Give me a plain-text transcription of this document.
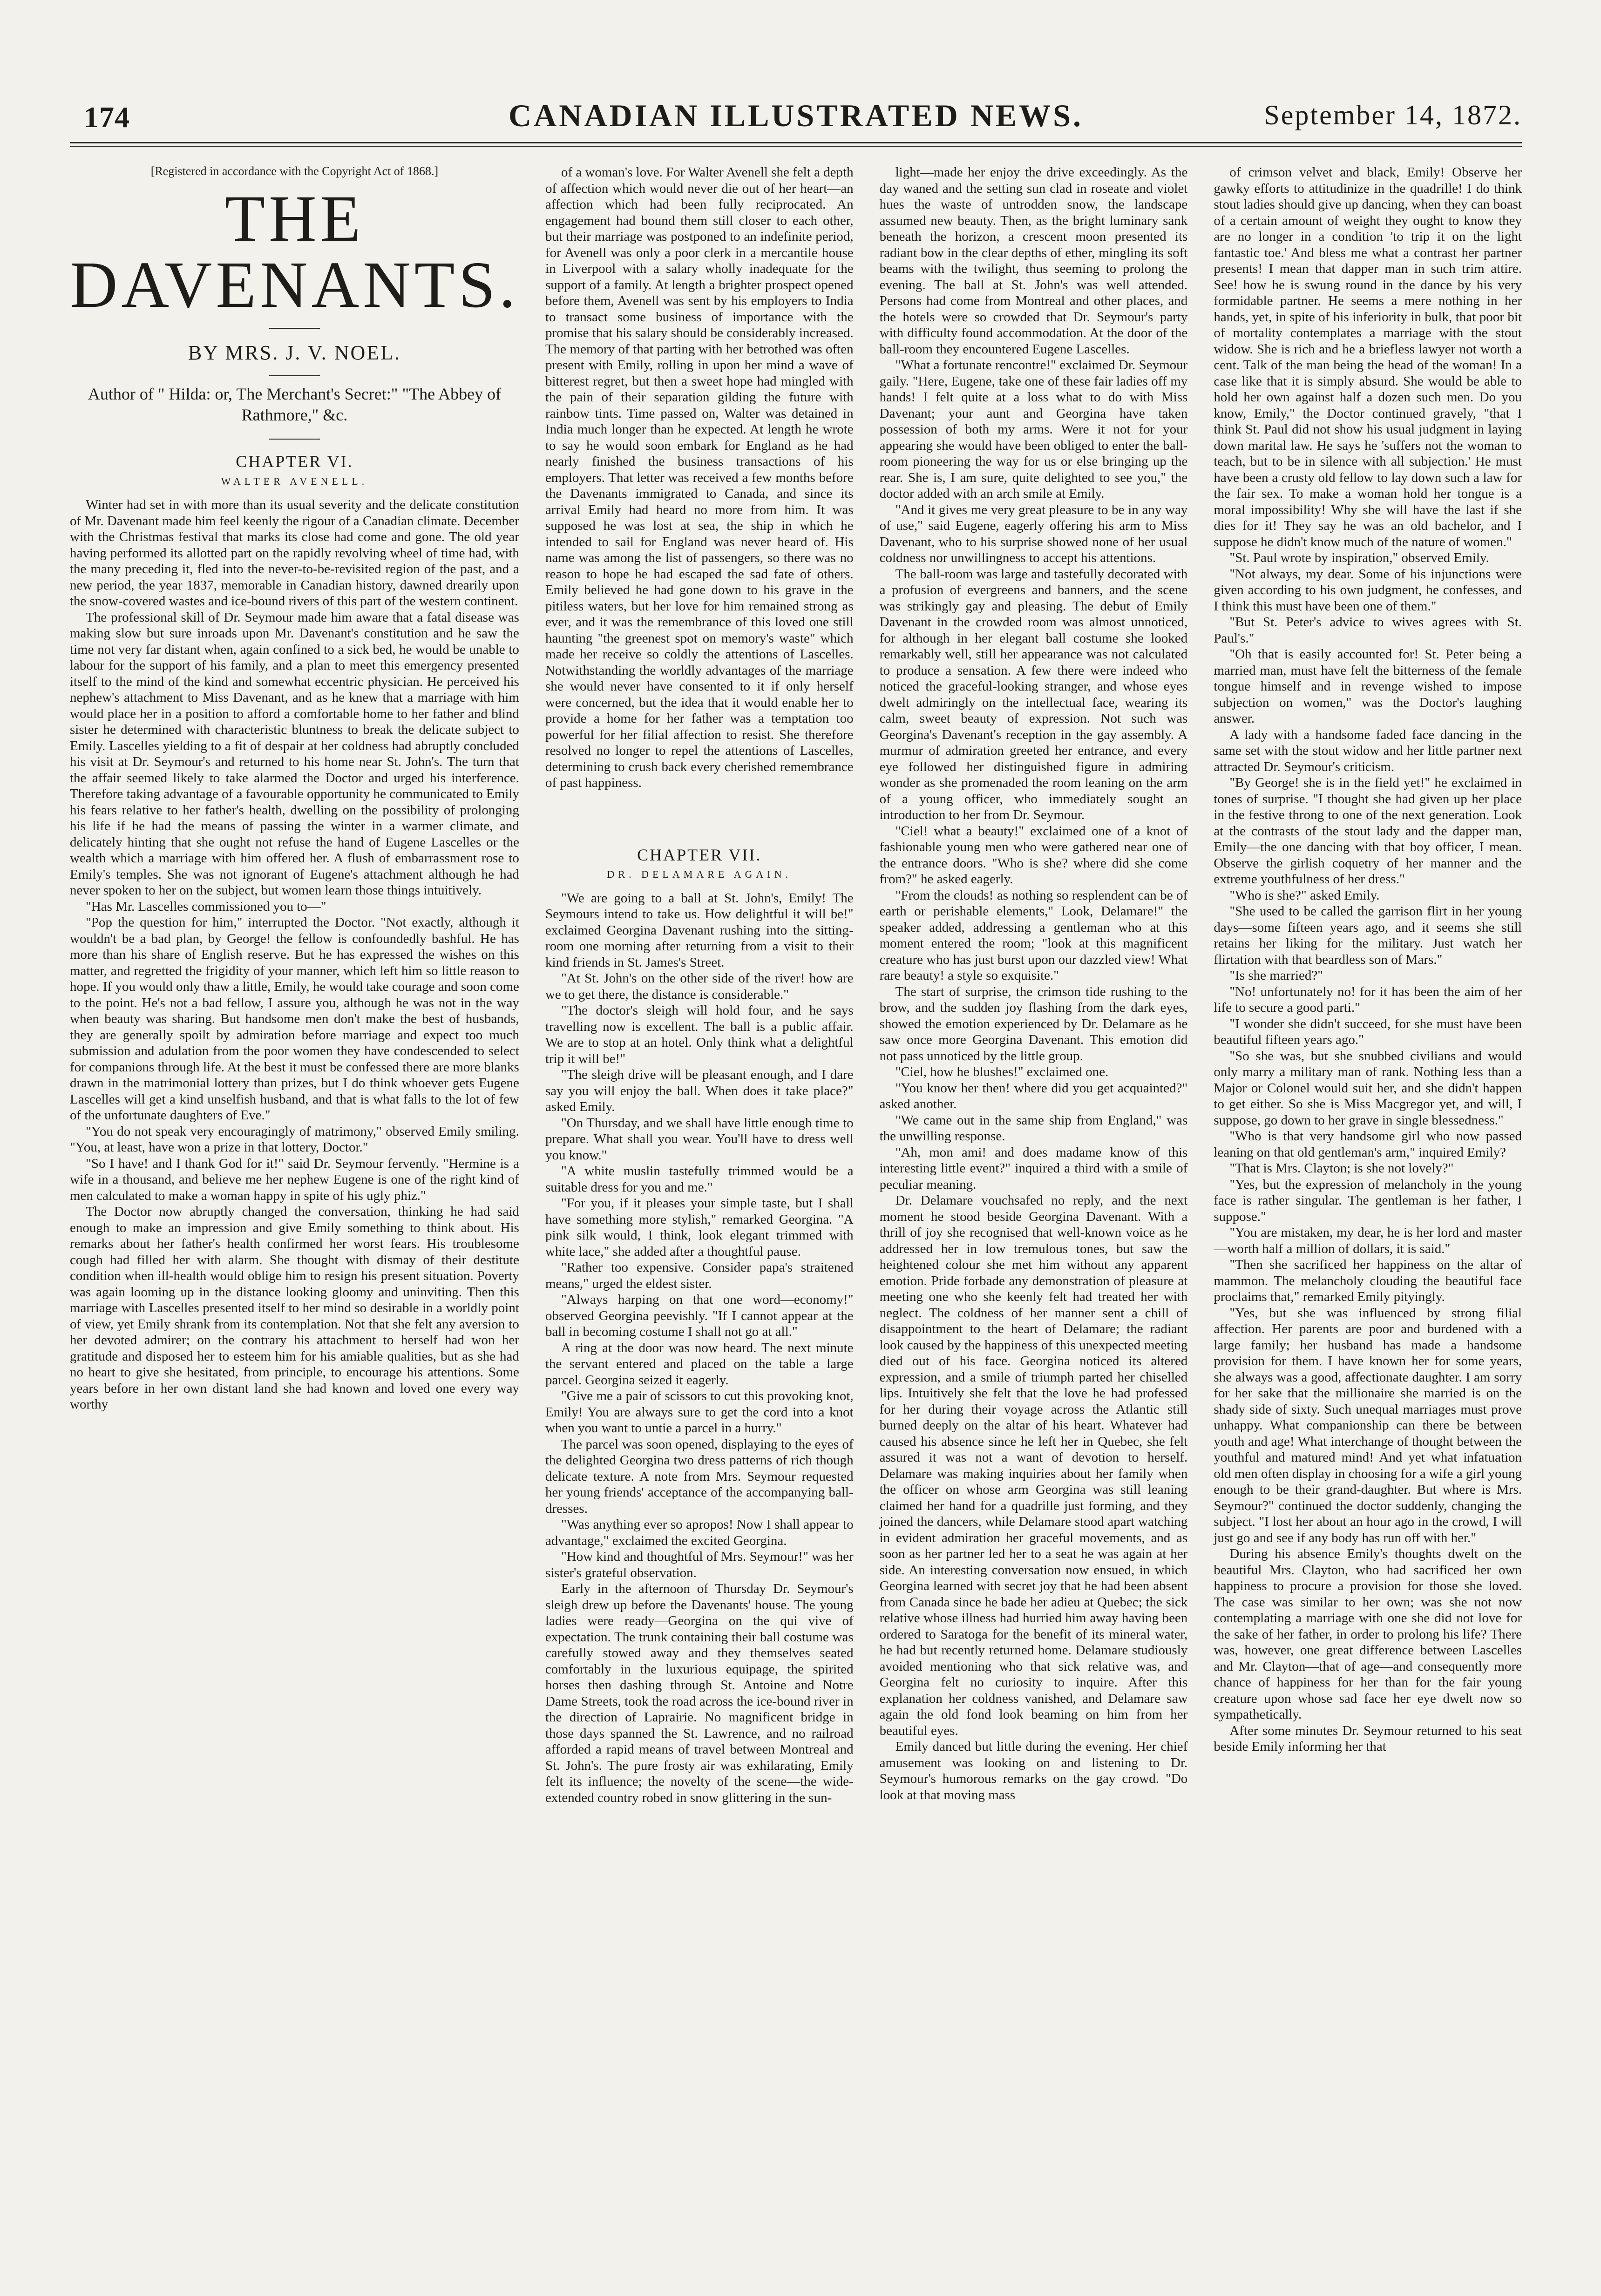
174	CANADIAN ILLUSTRATED NEWS.	September 14, 1872.

[Registered in accordance with the Copyright Act of 1868.]

THE DAVENANTS.
BY MRS. J. V. NOEL.
Author of " Hilda: or, The Merchant's Secret:" "The Abbey of Rathmore," &c.
CHAPTER VI.
WALTER AVENELL.

Winter had set in with more than its usual severity and the delicate constitution of Mr. Davenant made him feel keenly the rigour of a Canadian climate. December with the Christmas festival that marks its close had come and gone. The old year having performed its allotted part on the rapidly revolving wheel of time had, with the many preceding it, fled into the never-to-be-revisited region of the past, and a new period, the year 1837, memorable in Canadian history, dawned drearily upon the snow-covered wastes and ice-bound rivers of this part of the western continent.

The professional skill of Dr. Seymour made him aware that a fatal disease was making slow but sure inroads upon Mr. Davenant's constitution and he saw the time not very far distant when, again confined to a sick bed, he would be unable to labour for the support of his family, and a plan to meet this emergency presented itself to the mind of the kind and somewhat eccentric physician. He perceived his nephew's attachment to Miss Davenant, and as he knew that a marriage with him would place her in a position to afford a comfortable home to her father and blind sister he determined with characteristic bluntness to break the delicate subject to Emily. Lascelles yielding to a fit of despair at her coldness had abruptly concluded his visit at Dr. Seymour's and returned to his home near St. John's. The turn that the affair seemed likely to take alarmed the Doctor and urged his interference. Therefore taking advantage of a favourable opportunity he communicated to Emily his fears relative to her father's health, dwelling on the possibility of prolonging his life if he had the means of passing the winter in a warmer climate, and delicately hinting that she ought not refuse the hand of Eugene Lascelles or the wealth which a marriage with him offered her. A flush of embarrassment rose to Emily's temples. She was not ignorant of Eugene's attachment although he had never spoken to her on the subject, but women learn those things intuitively.

"Has Mr. Lascelles commissioned you to—"

"Pop the question for him," interrupted the Doctor. "Not exactly, although it wouldn't be a bad plan, by George! the fellow is confoundedly bashful. He has more than his share of English reserve. But he has expressed the wishes on this matter, and regretted the frigidity of your manner, which left him so little reason to hope. If you would only thaw a little, Emily, he would take courage and soon come to the point. He's not a bad fellow, I assure you, although he was not in the way when beauty was sharing. But handsome men don't make the best of husbands, they are generally spoilt by admiration before marriage and expect too much submission and adulation from the poor women they have condescended to select for companions through life. At the best it must be confessed there are more blanks drawn in the matrimonial lottery than prizes, but I do think whoever gets Eugene Lascelles will get a kind unselfish husband, and that is what falls to the lot of few of the unfortunate daughters of Eve."

"You do not speak very encouragingly of matrimony," observed Emily smiling. "You, at least, have won a prize in that lottery, Doctor."

"So I have! and I thank God for it!" said Dr. Seymour fervently. "Hermine is a wife in a thousand, and believe me her nephew Eugene is one of the right kind of men calculated to make a woman happy in spite of his ugly phiz."

The Doctor now abruptly changed the conversation, thinking he had said enough to make an impression and give Emily something to think about. His remarks about her father's health confirmed her worst fears. His troublesome cough had filled her with alarm. She thought with dismay of their destitute condition when ill-health would oblige him to resign his present situation. Poverty was again looming up in the distance looking gloomy and uninviting. Then this marriage with Lascelles presented itself to her mind so desirable in a worldly point of view, yet Emily shrank from its contemplation. Not that she felt any aversion to her devoted admirer; on the contrary his attachment to herself had won her gratitude and disposed her to esteem him for his amiable qualities, but as she had no heart to give she hesitated, from principle, to encourage his attentions. Some years before in her own distant land she had known and loved one every way worthy

of a woman's love. For Walter Avenell she felt a depth of affection which would never die out of her heart—an affection which had been fully reciprocated. An engagement had bound them still closer to each other, but their marriage was postponed to an indefinite period, for Avenell was only a poor clerk in a mercantile house in Liverpool with a salary wholly inadequate for the support of a family. At length a brighter prospect opened before them, Avenell was sent by his employers to India to transact some business of importance with the promise that his salary should be considerably increased. The memory of that parting with her betrothed was often present with Emily, rolling in upon her mind a wave of bitterest regret, but then a sweet hope had mingled with the pain of their separation gilding the future with rainbow tints. Time passed on, Walter was detained in India much longer than he expected. At length he wrote to say he would soon embark for England as he had nearly finished the business transactions of his employers. That letter was received a few months before the Davenants immigrated to Canada, and since its arrival Emily had heard no more from him. It was supposed he was lost at sea, the ship in which he intended to sail for England was never heard of. His name was among the list of passengers, so there was no reason to hope he had escaped the sad fate of others. Emily believed he had gone down to his grave in the pitiless waters, but her love for him remained strong as ever, and it was the remembrance of this loved one still haunting "the greenest spot on memory's waste" which made her receive so coldly the attentions of Lascelles. Notwithstanding the worldly advantages of the marriage she would never have consented to it if only herself were concerned, but the idea that it would enable her to provide a home for her father was a temptation too powerful for her filial affection to resist. She therefore resolved no longer to repel the attentions of Lascelles, determining to crush back every cherished remembrance of past happiness.

CHAPTER VII.
DR. DELAMARE AGAIN.

"We are going to a ball at St. John's, Emily! The Seymours intend to take us. How delightful it will be!" exclaimed Georgina Davenant rushing into the sitting-room one morning after returning from a visit to their kind friends in St. James's Street.

"At St. John's on the other side of the river! how are we to get there, the distance is considerable."

"The doctor's sleigh will hold four, and he says travelling now is excellent. The ball is a public affair. We are to stop at an hotel. Only think what a delightful trip it will be!"

"The sleigh drive will be pleasant enough, and I dare say you will enjoy the ball. When does it take place?" asked Emily.

"On Thursday, and we shall have little enough time to prepare. What shall you wear. You'll have to dress well you know."

"A white muslin tastefully trimmed would be a suitable dress for you and me."

"For you, if it pleases your simple taste, but I shall have something more stylish," remarked Georgina. "A pink silk would, I think, look elegant trimmed with white lace," she added after a thoughtful pause.

"Rather too expensive. Consider papa's straitened means," urged the eldest sister.

"Always harping on that one word—economy!" observed Georgina peevishly. "If I cannot appear at the ball in becoming costume I shall not go at all."

A ring at the door was now heard. The next minute the servant entered and placed on the table a large parcel. Georgina seized it eagerly.

"Give me a pair of scissors to cut this provoking knot, Emily! You are always sure to get the cord into a knot when you want to untie a parcel in a hurry."

The parcel was soon opened, displaying to the eyes of the delighted Georgina two dress patterns of rich though delicate texture. A note from Mrs. Seymour requested her young friends' acceptance of the accompanying ball-dresses.

"Was anything ever so apropos! Now I shall appear to advantage," exclaimed the excited Georgina.

"How kind and thoughtful of Mrs. Seymour!" was her sister's grateful observation.

Early in the afternoon of Thursday Dr. Seymour's sleigh drew up before the Davenants' house. The young ladies were ready—Georgina on the qui vive of expectation. The trunk containing their ball costume was carefully stowed away and they themselves seated comfortably in the luxurious equipage, the spirited horses then dashing through St. Antoine and Notre Dame Streets, took the road across the ice-bound river in the direction of Laprairie. No magnificent bridge in those days spanned the St. Lawrence, and no railroad afforded a rapid means of travel between Montreal and St. John's. The pure frosty air was exhilarating, Emily felt its influence; the novelty of the scene—the wide-extended country robed in snow glittering in the sun-

light—made her enjoy the drive exceedingly. As the day waned and the setting sun clad in roseate and violet hues the waste of untrodden snow, the landscape assumed new beauty. Then, as the bright luminary sank beneath the horizon, a crescent moon presented its radiant bow in the clear depths of ether, mingling its soft beams with the twilight, thus seeming to prolong the evening. The ball at St. John's was well attended. Persons had come from Montreal and other places, and the hotels were so crowded that Dr. Seymour's party with difficulty found accommodation. At the door of the ball-room they encountered Eugene Lascelles.

"What a fortunate rencontre!" exclaimed Dr. Seymour gaily. "Here, Eugene, take one of these fair ladies off my hands! I felt quite at a loss what to do with Miss Davenant; your aunt and Georgina have taken possession of both my arms. Were it not for your appearing she would have been obliged to enter the ball-room pioneering the way for us or else bringing up the rear. She is, I am sure, quite delighted to see you," the doctor added with an arch smile at Emily.

"And it gives me very great pleasure to be in any way of use," said Eugene, eagerly offering his arm to Miss Davenant, who to his surprise showed none of her usual coldness nor unwillingness to accept his attentions.

The ball-room was large and tastefully decorated with a profusion of evergreens and banners, and the scene was strikingly gay and pleasing. The debut of Emily Davenant in the crowded room was almost unnoticed, for although in her elegant ball costume she looked remarkably well, still her appearance was not calculated to produce a sensation. A few there were indeed who noticed the graceful-looking stranger, and whose eyes dwelt admiringly on the intellectual face, wearing its calm, sweet beauty of expression. Not such was Georgina's Davenant's reception in the gay assembly. A murmur of admiration greeted her entrance, and every eye followed her distinguished figure in admiring wonder as she promenaded the room leaning on the arm of a young officer, who immediately sought an introduction to her from Dr. Seymour.

"Ciel! what a beauty!" exclaimed one of a knot of fashionable young men who were gathered near one of the entrance doors. "Who is she? where did she come from?" he asked eagerly.

"From the clouds! as nothing so resplendent can be of earth or perishable elements," Look, Delamare!" the speaker added, addressing a gentleman who at this moment entered the room; "look at this magnificent creature who has just burst upon our dazzled view! What rare beauty! a style so exquisite."

The start of surprise, the crimson tide rushing to the brow, and the sudden joy flashing from the dark eyes, showed the emotion experienced by Dr. Delamare as he saw once more Georgina Davenant. This emotion did not pass unnoticed by the little group.

"Ciel, how he blushes!" exclaimed one.

"You know her then! where did you get acquainted?" asked another.

"We came out in the same ship from England," was the unwilling response.

"Ah, mon ami! and does madame know of this interesting little event?" inquired a third with a smile of peculiar meaning.

Dr. Delamare vouchsafed no reply, and the next moment he stood beside Georgina Davenant. With a thrill of joy she recognised that well-known voice as he addressed her in low tremulous tones, but saw the heightened colour she met him without any apparent emotion. Pride forbade any demonstration of pleasure at meeting one who she keenly felt had treated her with neglect. The coldness of her manner sent a chill of disappointment to the heart of Delamare; the radiant look caused by the happiness of this unexpected meeting died out of his face. Georgina noticed its altered expression, and a smile of triumph parted her chiselled lips. Intuitively she felt that the love he had professed for her during their voyage across the Atlantic still burned deeply on the altar of his heart. Whatever had caused his absence since he left her in Quebec, she felt assured it was not a want of devotion to herself. Delamare was making inquiries about her family when the officer on whose arm Georgina was still leaning claimed her hand for a quadrille just forming, and they joined the dancers, while Delamare stood apart watching in evident admiration her graceful movements, and as soon as her partner led her to a seat he was again at her side. An interesting conversation now ensued, in which Georgina learned with secret joy that he had been absent from Canada since he bade her adieu at Quebec; the sick relative whose illness had hurried him away having been ordered to Saratoga for the benefit of its mineral water, he had but recently returned home. Delamare studiously avoided mentioning who that sick relative was, and Georgina felt no curiosity to inquire. After this explanation her coldness vanished, and Delamare saw again the old fond look beaming on him from her beautiful eyes.

Emily danced but little during the evening. Her chief amusement was looking on and listening to Dr. Seymour's humorous remarks on the gay crowd. "Do look at that moving mass

of crimson velvet and black, Emily! Observe her gawky efforts to attitudinize in the quadrille! I do think stout ladies should give up dancing, when they can boast of a certain amount of weight they ought to know they are no longer in a condition 'to trip it on the light fantastic toe.' And bless me what a contrast her partner presents! I mean that dapper man in such trim attire. See! how he is swung round in the dance by his very formidable partner. He seems a mere nothing in her hands, yet, in spite of his inferiority in bulk, that poor bit of mortality contemplates a marriage with the stout widow. She is rich and he a briefless lawyer not worth a cent. Talk of the man being the head of the woman! In a case like that it is simply absurd. She would be able to hold her own against half a dozen such men. Do you know, Emily," the Doctor continued gravely, "that I think St. Paul did not show his usual judgment in laying down marital law. He says he 'suffers not the woman to teach, but to be in silence with all subjection.' He must have been a crusty old fellow to lay down such a law for the fair sex. To make a woman hold her tongue is a moral impossibility! Why she will have the last if she dies for it! They say he was an old bachelor, and I suppose he didn't know much of the nature of women."

"St. Paul wrote by inspiration," observed Emily.

"Not always, my dear. Some of his injunctions were given according to his own judgment, he confesses, and I think this must have been one of them."

"But St. Peter's advice to wives agrees with St. Paul's."

"Oh that is easily accounted for! St. Peter being a married man, must have felt the bitterness of the female tongue himself and in revenge wished to impose subjection on women," was the Doctor's laughing answer.

A lady with a handsome faded face dancing in the same set with the stout widow and her little partner next attracted Dr. Seymour's criticism.

"By George! she is in the field yet!" he exclaimed in tones of surprise. "I thought she had given up her place in the festive throng to one of the next generation. Look at the contrasts of the stout lady and the dapper man, Emily—the one dancing with that boy officer, I mean. Observe the girlish coquetry of her manner and the extreme youthfulness of her dress."

"Who is she?" asked Emily.

"She used to be called the garrison flirt in her young days—some fifteen years ago, and it seems she still retains her liking for the military. Just watch her flirtation with that beardless son of Mars."

"Is she married?"

"No! unfortunately no! for it has been the aim of her life to secure a good parti."

"I wonder she didn't succeed, for she must have been beautiful fifteen years ago."

"So she was, but she snubbed civilians and would only marry a military man of rank. Nothing less than a Major or Colonel would suit her, and she didn't happen to get either. So she is Miss Macgregor yet, and will, I suppose, go down to her grave in single blessedness."

"Who is that very handsome girl who now passed leaning on that old gentleman's arm," inquired Emily?

"That is Mrs. Clayton; is she not lovely?"

"Yes, but the expression of melancholy in the young face is rather singular. The gentleman is her father, I suppose."

"You are mistaken, my dear, he is her lord and master—worth half a million of dollars, it is said."

"Then she sacrificed her happiness on the altar of mammon. The melancholy clouding the beautiful face proclaims that," remarked Emily pityingly.

"Yes, but she was influenced by strong filial affection. Her parents are poor and burdened with a large family; her husband has made a handsome provision for them. I have known her for some years, she always was a good, affectionate daughter. I am sorry for her sake that the millionaire she married is on the shady side of sixty. Such unequal marriages must prove unhappy. What companionship can there be between youth and age! What interchange of thought between the youthful and matured mind! And yet what infatuation old men often display in choosing for a wife a girl young enough to be their grand-daughter. But where is Mrs. Seymour?" continued the doctor suddenly, changing the subject. "I lost her about an hour ago in the crowd, I will just go and see if any body has run off with her."

During his absence Emily's thoughts dwelt on the beautiful Mrs. Clayton, who had sacrificed her own happiness to procure a provision for those she loved. The case was similar to her own; was she not now contemplating a marriage with one she did not love for the sake of her father, in order to prolong his life? There was, however, one great difference between Lascelles and Mr. Clayton—that of age—and consequently more chance of happiness for her than for the fair young creature upon whose sad face her eye dwelt now so sympathetically.

After some minutes Dr. Seymour returned to his seat beside Emily informing her that
